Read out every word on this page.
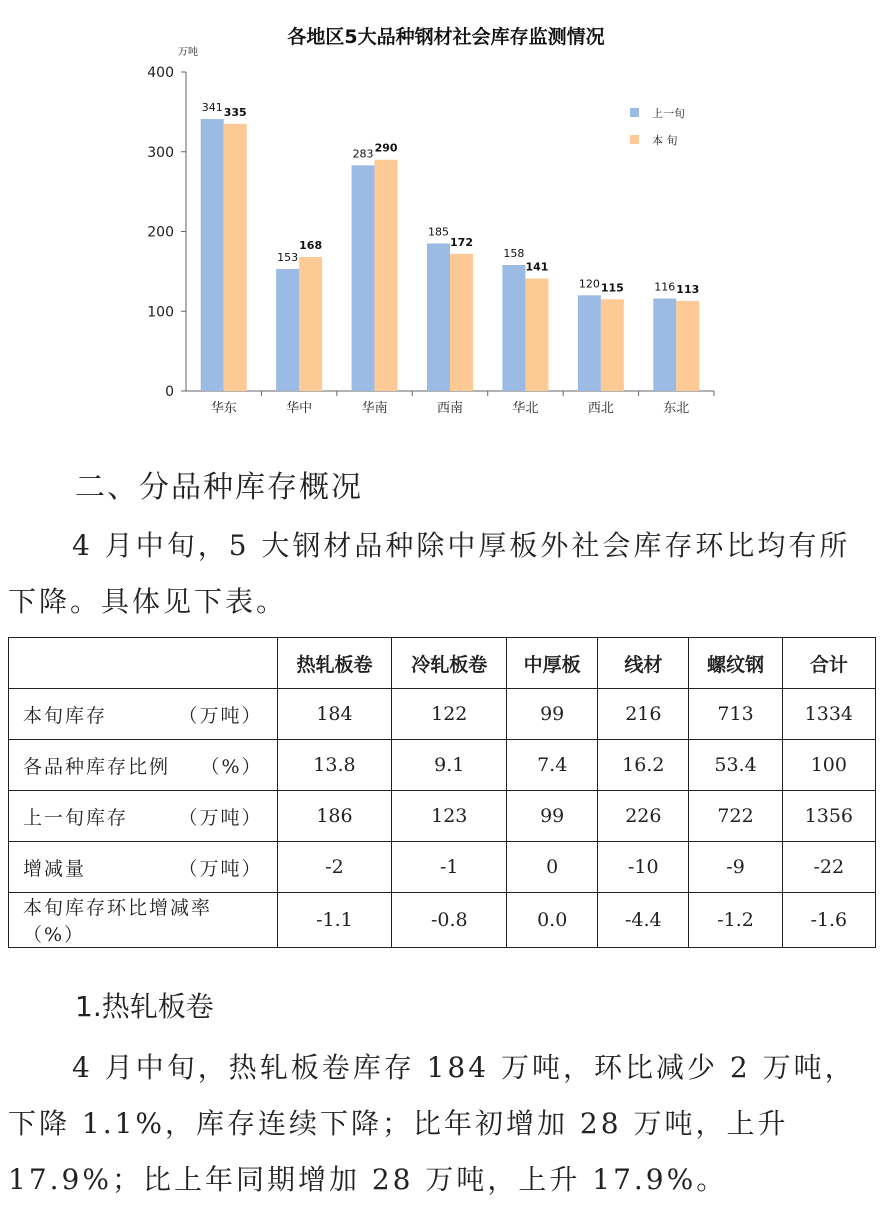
各地区5大品种钢材社会库存监测情况
万吨
0
100
200
300
400
华东
341 335
华中
153
168
华南
283 290
西南
185
172
华北
158
141
西北
120 115
东北
116 113
上一旬
本 旬
二、分品种库存概况

4 月中旬，5 大钢材品种除中厚板外社会库存环比均有所下降。具体见下表。

	热轧板卷	冷轧板卷	中厚板	线材	螺纹钢	合计

本旬库存 （万吨）	184	122	99	216	713	1334

各品种库存比例 （%）	13.8	9.1	7.4	16.2	53.4	100

上一旬库存 （万吨）	186	123	99	226	722	1356

增减量 （万吨）	-2	-1	0	-10	-9	-22

本旬库存环比增减率（%）	-1.1	-0.8	0.0	-4.4	-1.2	-1.6
1.热轧板卷

4 月中旬，热轧板卷库存 184 万吨，环比减少 2 万吨，下降 1.1%，库存连续下降；比年初增加 28 万吨，上升 17.9%；比上年同期增加 28 万吨，上升 17.9%。
